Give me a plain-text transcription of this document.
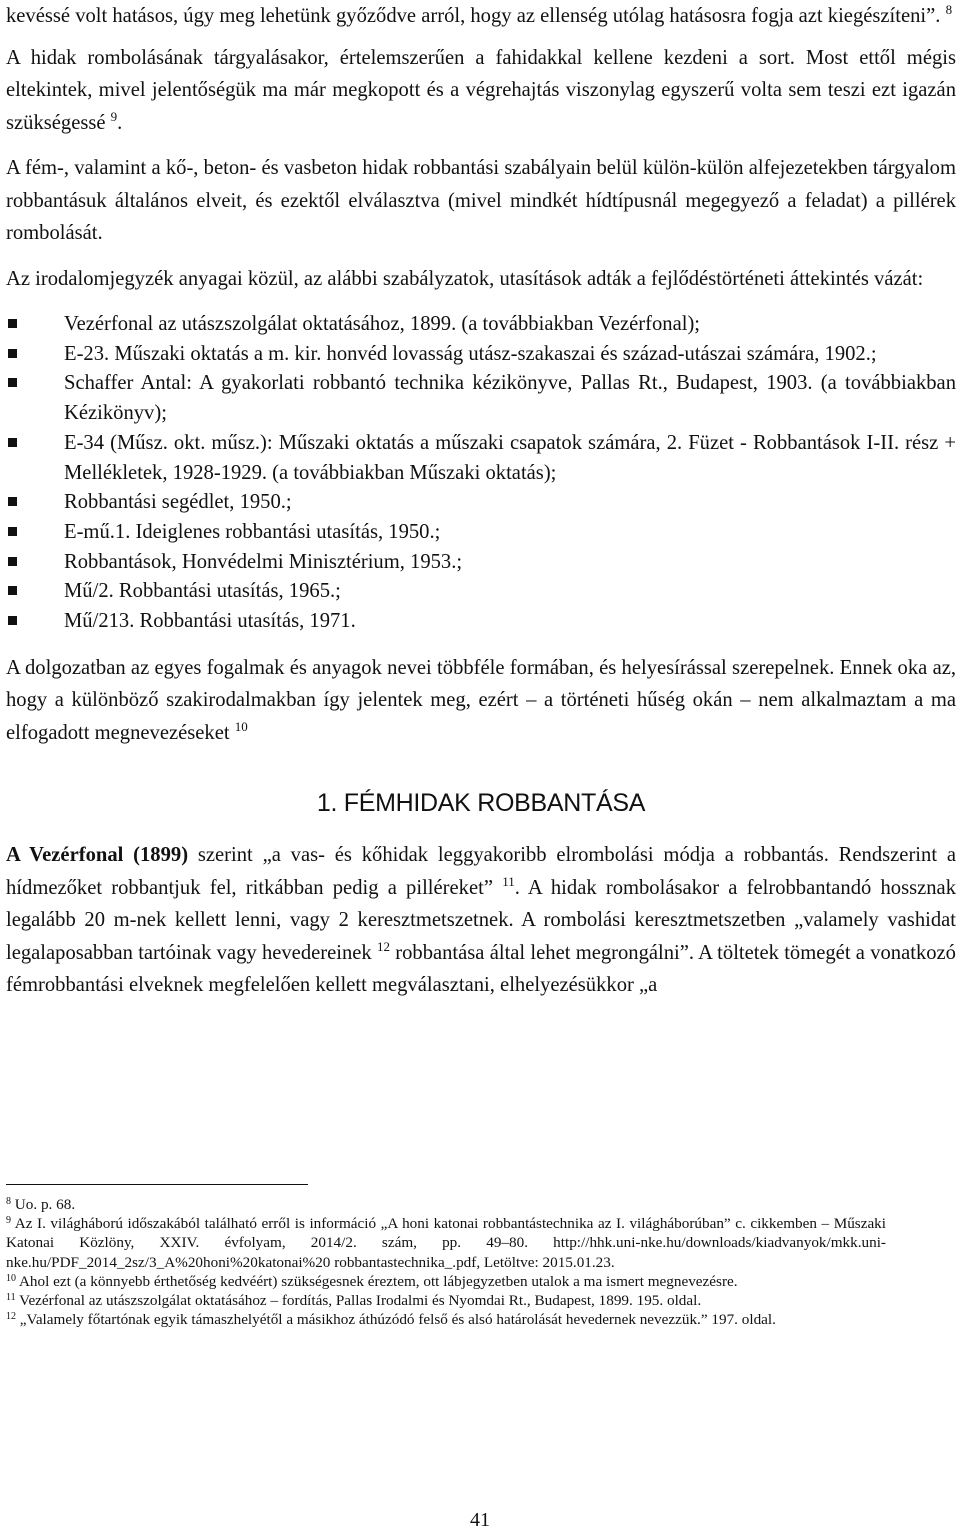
kevéssé volt hatásos, úgy meg lehetünk győződve arról, hogy az ellenség utólag hatásosra fogja azt kiegészíteni”. $^8$

A hidak rombolásának tárgyalásakor, értelemszerűen a fahidakkal kellene kezdeni a sort. Most ettől mégis eltekintek, mivel jelentőségük ma már megkopott és a végrehajtás viszonylag egyszerű volta sem teszi ezt igazán szükségessé $^9$.

A fém-, valamint a kő-, beton- és vasbeton hidak robbantási szabályain belül külön-külön alfejezetekben tárgyalom robbantásuk általános elveit, és ezektől elválasztva (mivel mindkét hídtípusnál megegyező a feladat) a pillérek rombolását.

Az irodalomjegyzék anyagai közül, az alábbi szabályzatok, utasítások adták a fejlődéstörténeti áttekintés vázát:

Vezérfonal az utászszolgálat oktatásához, 1899. (a továbbiakban Vezérfonal);
E-23. Műszaki oktatás a m. kir. honvéd lovasság utász-szakaszai és század-utászai számára, 1902.;
Schaffer Antal: A gyakorlati robbantó technika kézikönyve, Pallas Rt., Budapest, 1903. (a továbbiakban Kézikönyv);
E-34 (Műsz. okt. műsz.): Műszaki oktatás a műszaki csapatok számára, 2. Füzet - Robbantások I-II. rész + Mellékletek, 1928-1929. (a továbbiakban Műszaki oktatás);
Robbantási segédlet, 1950.;
E-mű.1. Ideiglenes robbantási utasítás, 1950.;
Robbantások, Honvédelmi Minisztérium, 1953.;
Mű/2. Robbantási utasítás, 1965.;
Mű/213. Robbantási utasítás, 1971.

A dolgozatban az egyes fogalmak és anyagok nevei többféle formában, és helyesírással szerepelnek. Ennek oka az, hogy a különböző szakirodalmakban így jelentek meg, ezért – a történeti hűség okán – nem alkalmaztam a ma elfogadott megnevezéseket $^{10}$

1. FÉMHIDAK ROBBANTÁSA

A Vezérfonal (1899) szerint „a vas- és kőhidak leggyakoribb elrombolási módja a robbantás. Rendszerint a hídmezőket robbantjuk fel, ritkábban pedig a pilléreket” $^{11}$. A hidak rombolásakor a felrobbantandó hossznak legalább 20 m-nek kellett lenni, vagy 2 keresztmetszetnek. A rombolási keresztmetszetben „valamely vashidat legalaposabban tartóinak vagy hevedereinek $^{12}$ robbantása által lehet megrongálni”. A töltetek tömegét a vonatkozó fémrobbantási elveknek megfelelően kellett megválasztani, elhelyezésükkor „a

$^8$ Uo. p. 68.

$^9$ Az I. világháború időszakából található erről is információ „A honi katonai robbantástechnika az I. világháborúban” c. cikkemben – Műszaki Katonai Közlöny, XXIV. évfolyam, 2014/2. szám, pp. 49–80. http://hhk.uni-nke.hu/downloads/kiadvanyok/mkk.uni-nke.hu/PDF_2014_2sz/3_A%20honi%20katonai%20 robbantastechnika_.pdf, Letöltve: 2015.01.23.

$^{10}$ Ahol ezt (a könnyebb érthetőség kedvéért) szükségesnek éreztem, ott lábjegyzetben utalok a ma ismert megnevezésre.

$^{11}$ Vezérfonal az utászszolgálat oktatásához – fordítás, Pallas Irodalmi és Nyomdai Rt., Budapest, 1899. 195. oldal.

$^{12}$ „Valamely főtartónak egyik támaszhelyétől a másikhoz áthúzódó felső és alsó határolását hevedernek nevezzük.” 197. oldal.

41
